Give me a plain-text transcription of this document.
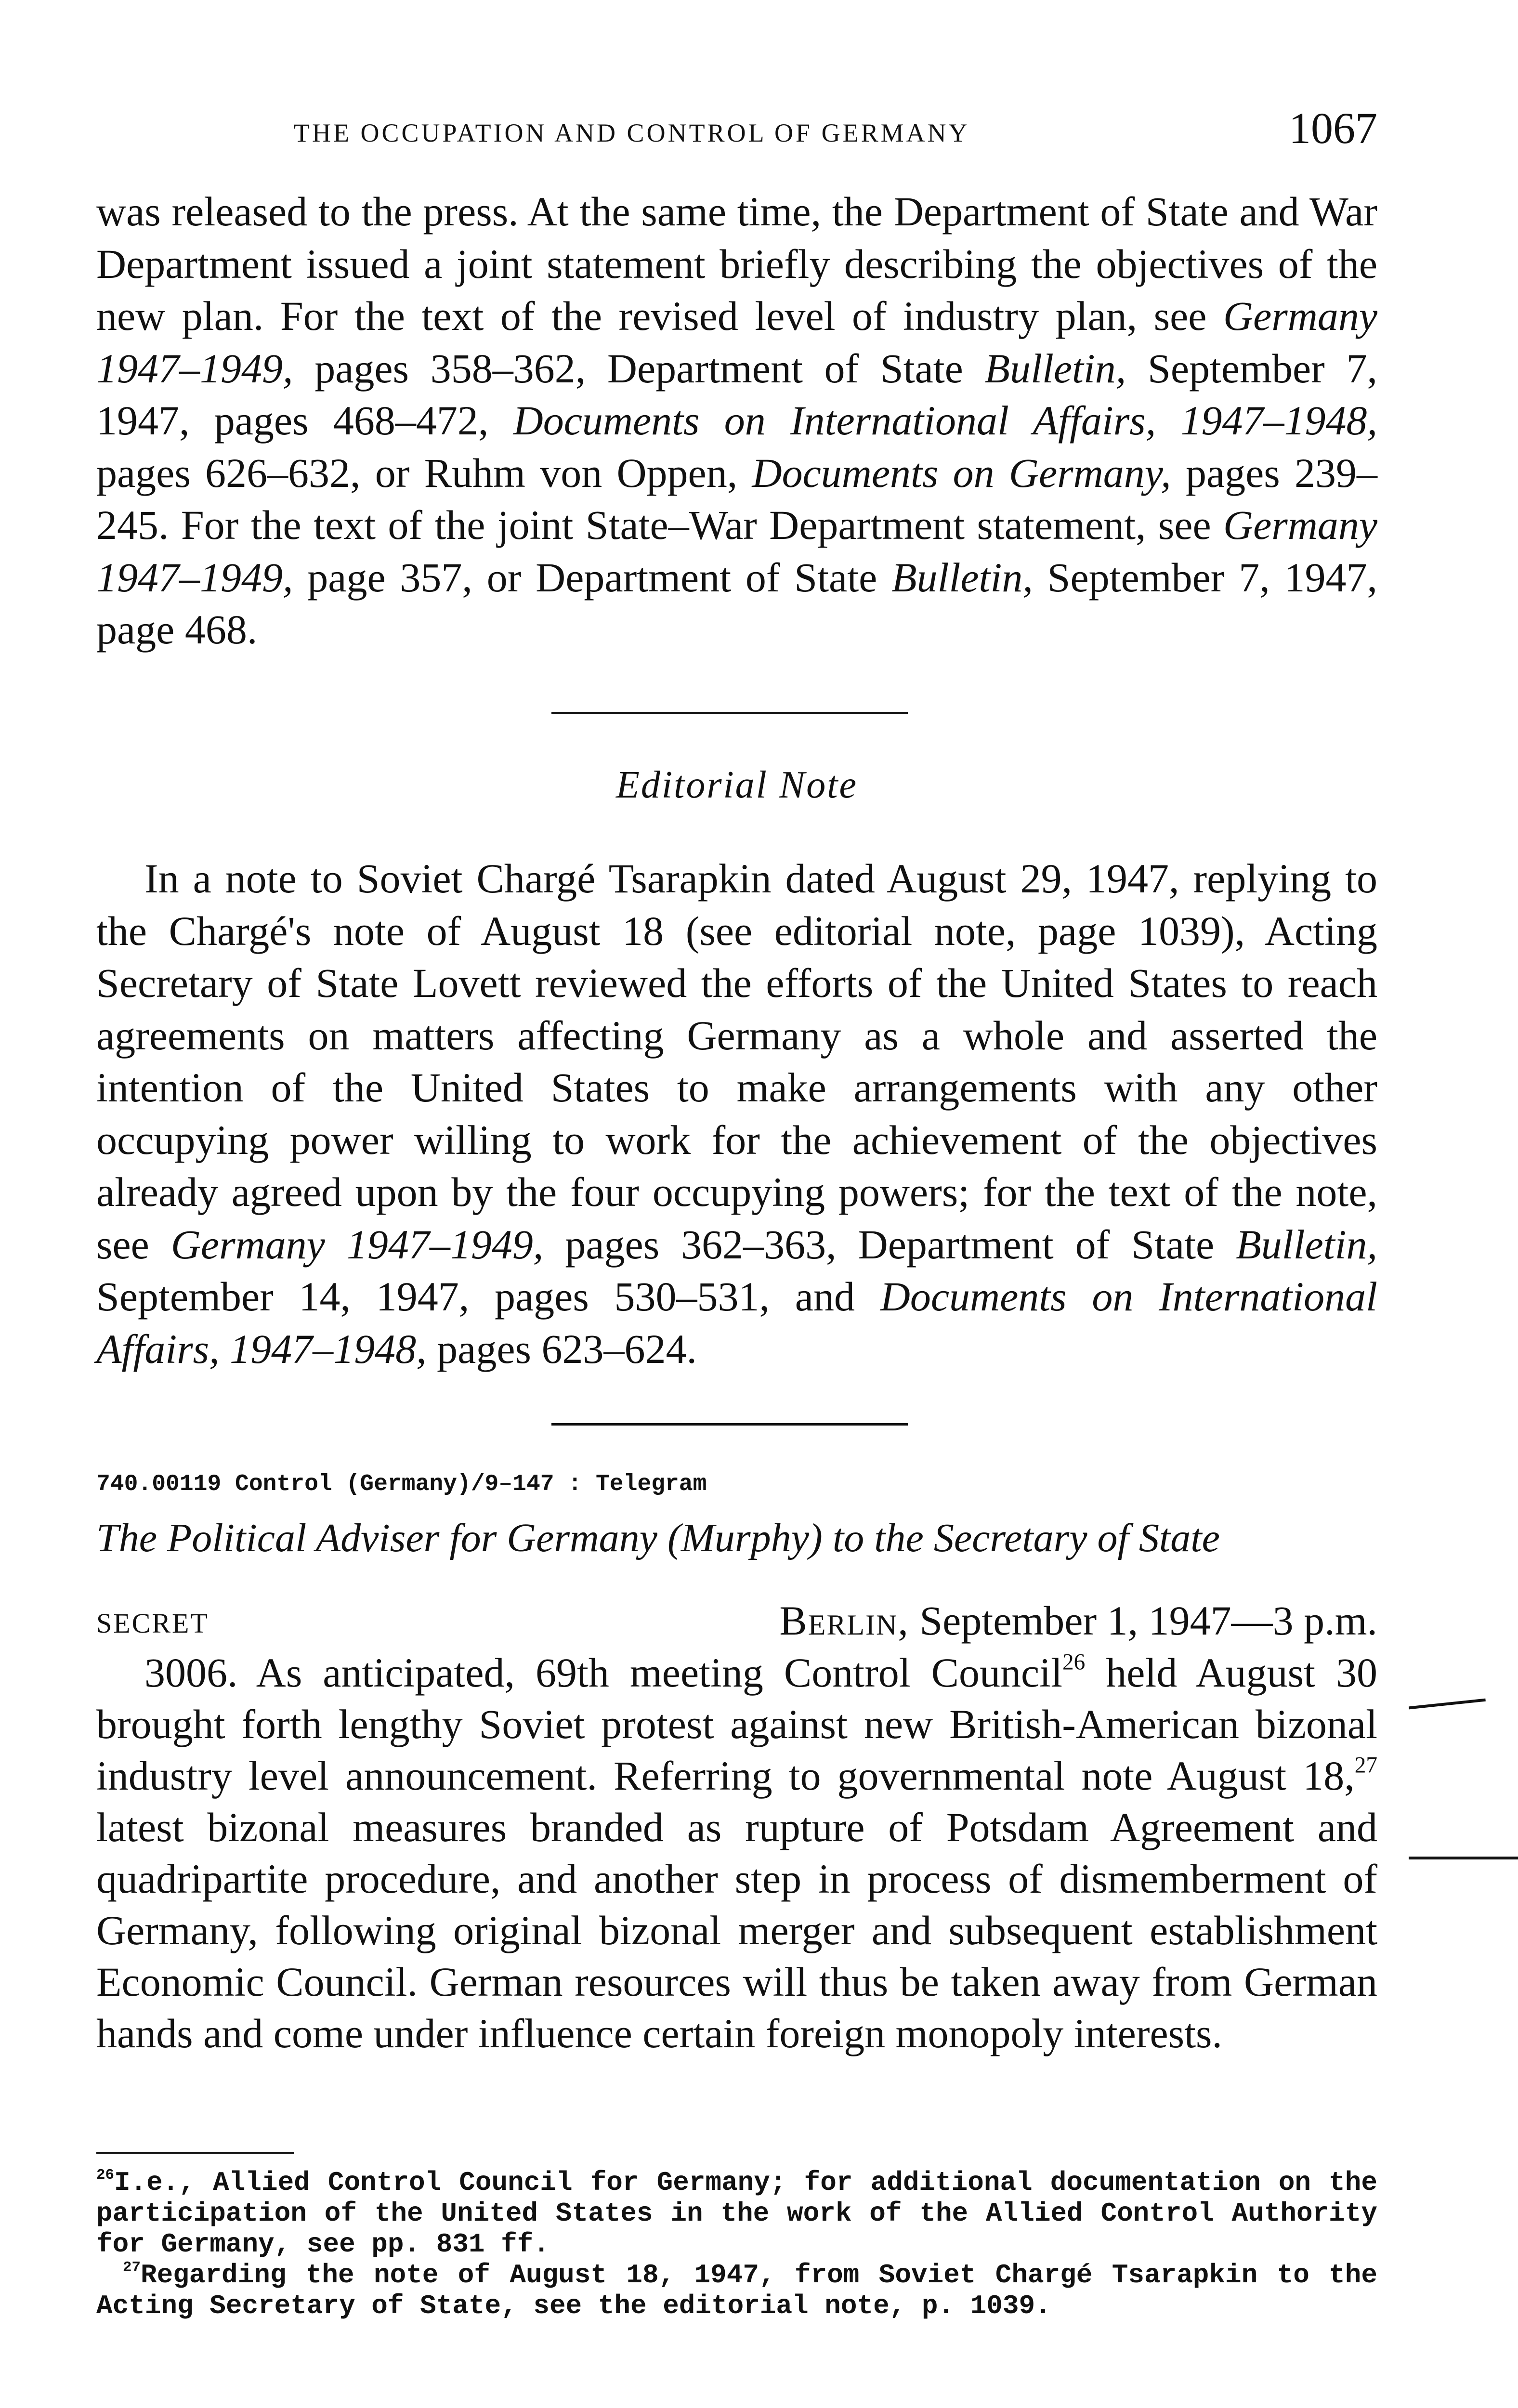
THE OCCUPATION AND CONTROL OF GERMANY	1067

was released to the press. At the same time, the Department of State and War Department issued a joint statement briefly describing the objectives of the new plan. For the text of the revised level of industry plan, see Germany 1947–1949, pages 358–362, Department of State Bulletin, September 7, 1947, pages 468–472, Documents on International Affairs, 1947–1948, pages 626–632, or Ruhm von Oppen, Documents on Germany, pages 239–245. For the text of the joint State–War Department statement, see Germany 1947–1949, page 357, or Department of State Bulletin, September 7, 1947, page 468.

Editorial Note

In a note to Soviet Chargé Tsarapkin dated August 29, 1947, replying to the Chargé's note of August 18 (see editorial note, page 1039), Acting Secretary of State Lovett reviewed the efforts of the United States to reach agreements on matters affecting Germany as a whole and asserted the intention of the United States to make arrangements with any other occupying power willing to work for the achievement of the objectives already agreed upon by the four occupying powers; for the text of the note, see Germany 1947–1949, pages 362–363, Department of State Bulletin, September 14, 1947, pages 530–531, and Documents on International Affairs, 1947–1948, pages 623–624.

740.00119 Control (Germany)/9–147 : Telegram
The Political Adviser for Germany (Murphy) to the Secretary of State
SECRET	Berlin, September 1, 1947—3 p.m.

3006. As anticipated, 69th meeting Control Council$^{26}$ held August 30 brought forth lengthy Soviet protest against new British-American bizonal industry level announcement. Referring to governmental note August 18,27 latest bizonal measures branded as rupture of Potsdam Agreement and quadripartite procedure, and another step in process of dismemberment of Germany, following original bizonal merger and subsequent establishment Economic Council. German resources will thus be taken away from German hands and come under influence certain foreign monopoly interests.

$^{26}$I.e., Allied Control Council for Germany; for additional documentation on the participation of the United States in the work of the Allied Control Authority for Germany, see pp. 831 ff.

$^{27}$Regarding the note of August 18, 1947, from Soviet Chargé Tsarapkin to the Acting Secretary of State, see the editorial note, p. 1039.
